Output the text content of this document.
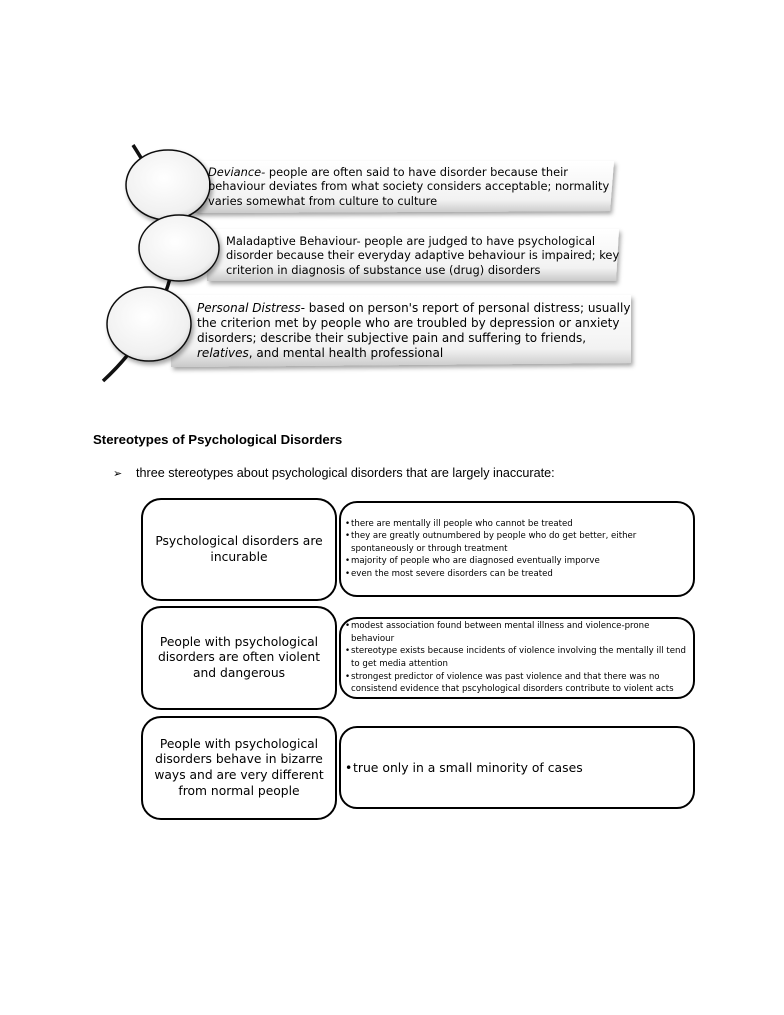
Deviance- people are often said to have disorder because their behaviour deviates from what society considers acceptable; normality varies somewhat from culture to culture
Maladaptive Behaviour- people are judged to have psychological disorder because their everyday adaptive behaviour is impaired; key criterion in diagnosis of substance use (drug) disorders
Personal Distress- based on person's report of personal distress; usually the criterion met by people who are troubled by depression or anxiety disorders; describe their subjective pain and suffering to friends, relatives, and mental health professional
Stereotypes of Psychological Disorders
➢ three stereotypes about psychological disorders that are largely inaccurate:
Psychological disorders are incurable
• there are mentally ill people who cannot be treated
• they are greatly outnumbered by people who do get better, either spontaneously or through treatment
• majority of people who are diagnosed eventually imporve
• even the most severe disorders can be treated
People with psychological disorders are often violent and dangerous
• modest association found between mental illness and violence-prone behaviour
• stereotype exists because incidents of violence involving the mentally ill tend to get media attention
• strongest predictor of violence was past violence and that there was no consistend evidence that pscyhological disorders contribute to violent acts
People with psychological disorders behave in bizarre ways and are very different from normal people
• true only in a small minority of cases
